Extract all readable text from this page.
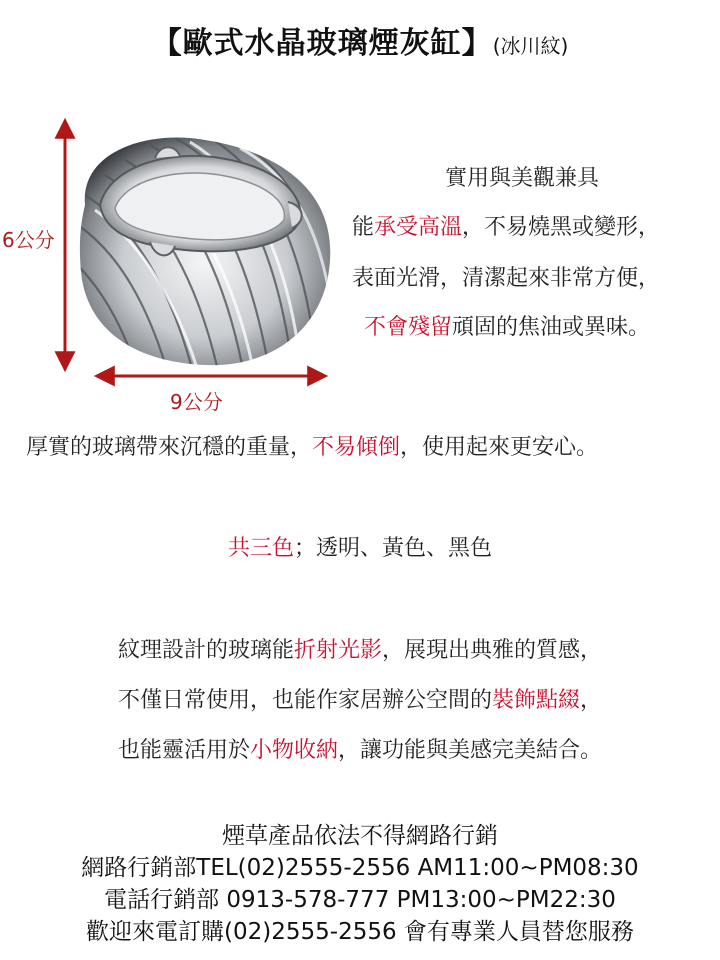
【歐式水晶玻璃煙灰缸】(冰川紋)
6公分
9公分
實用與美觀兼具
能承受高溫，不易燒黑或變形，
表面光滑，清潔起來非常方便，
不會殘留頑固的焦油或異味。
厚實的玻璃帶來沉穩的重量，不易傾倒，使用起來更安心。
共三色；透明、黃色、黑色
紋理設計的玻璃能折射光影，展現出典雅的質感，
不僅日常使用，也能作家居辦公空間的裝飾點綴，
也能靈活用於小物收納，讓功能與美感完美結合。
煙草產品依法不得網路行銷
網路行銷部TEL(02)2555-2556 AM11:00~PM08:30
電話行銷部 0913-578-777 PM13:00~PM22:30
歡迎來電訂購(02)2555-2556 會有專業人員替您服務
